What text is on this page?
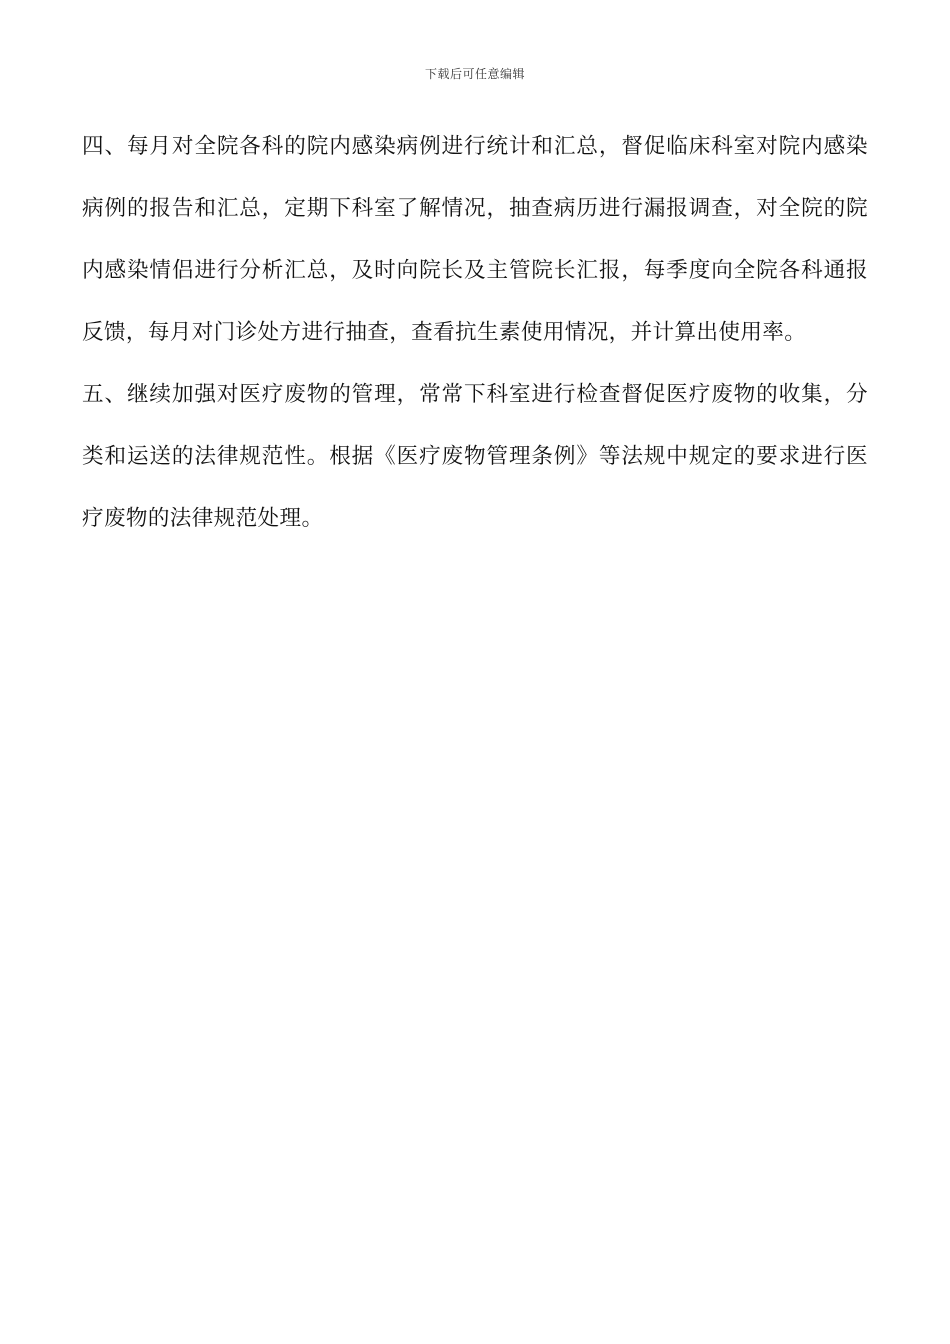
下载后可任意编辑

四、每月对全院各科的院内感染病例进行统计和汇总，督促临床科室对院内感染病例的报告和汇总，定期下科室了解情况，抽查病历进行漏报调查，对全院的院内感染情侣进行分析汇总，及时向院长及主管院长汇报，每季度向全院各科通报反馈，每月对门诊处方进行抽查，查看抗生素使用情况，并计算出使用率。

五、继续加强对医疗废物的管理，常常下科室进行检查督促医疗废物的收集，分类和运送的法律规范性。根据《医疗废物管理条例》等法规中规定的要求进行医疗废物的法律规范处理。
